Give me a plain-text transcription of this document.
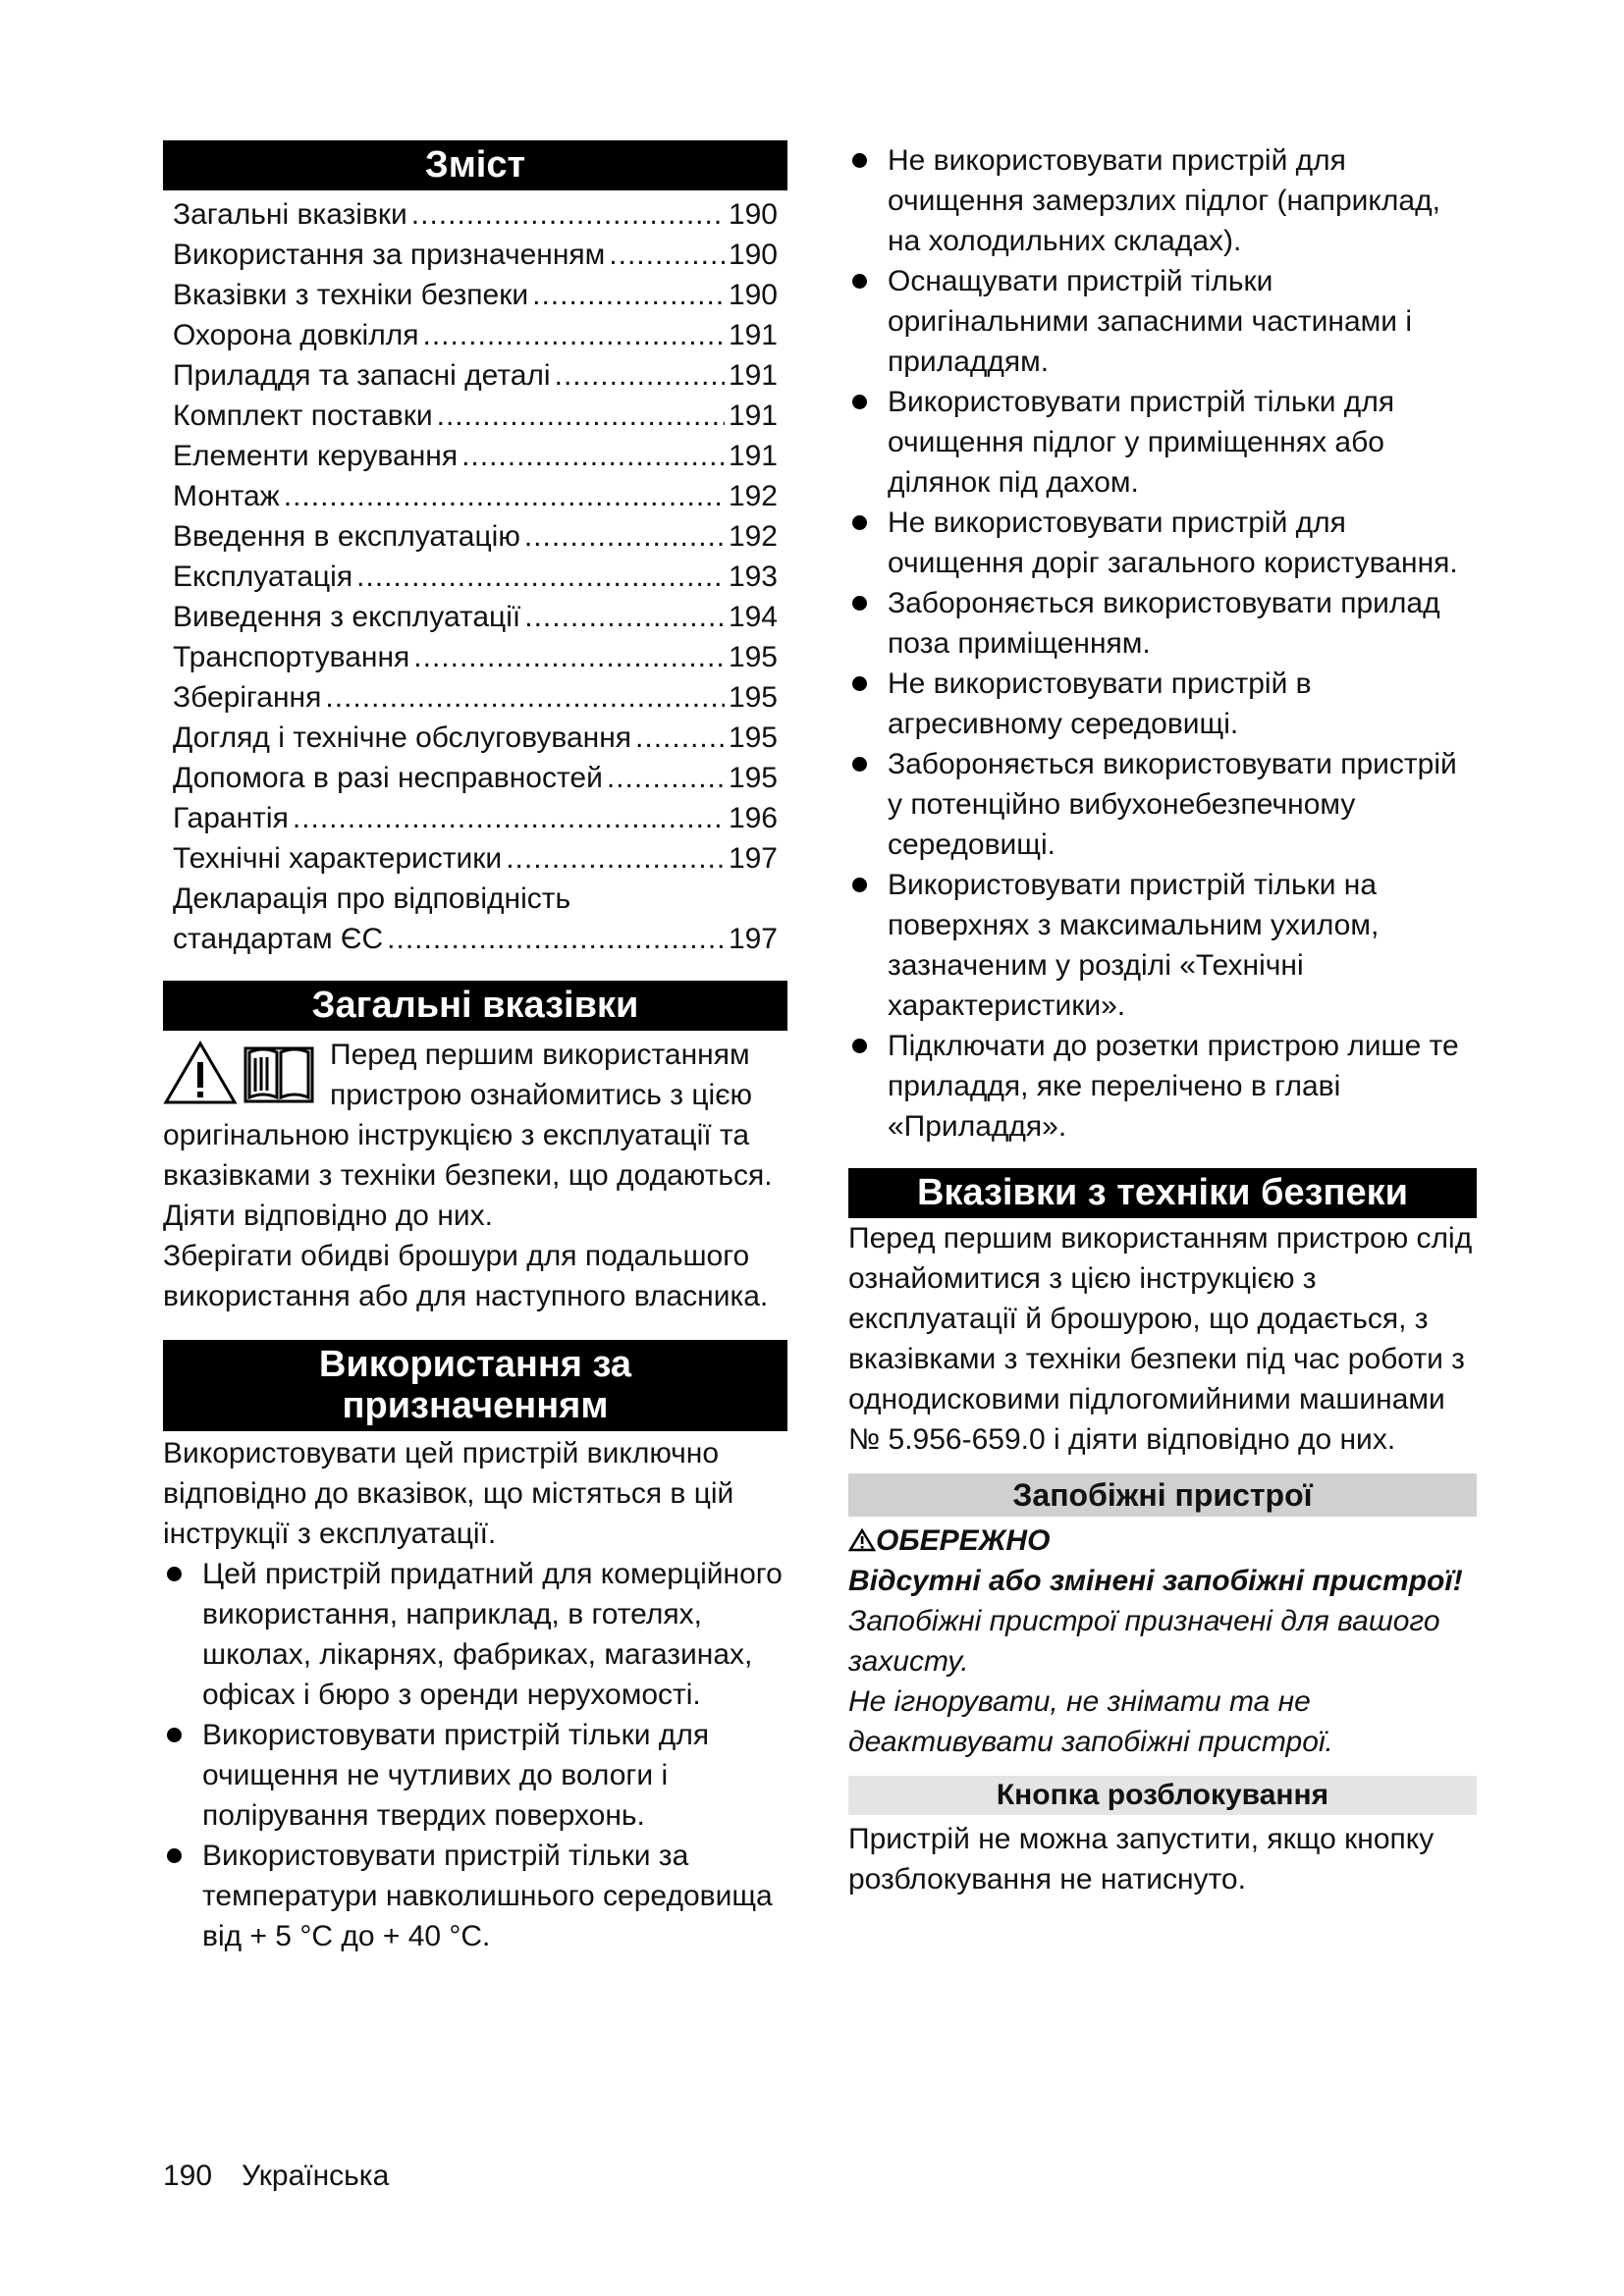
Зміст
Загальні вказівки .....	190
Використання за призначенням .....	190
Вказівки з техніки безпеки .....	190
Охорона довкілля .....	191
Приладдя та запасні деталі .....	191
Комплект поставки .....	191
Елементи керування .....	191
Монтаж .....	192
Введення в експлуатацію .....	192
Експлуатація .....	193
Виведення з експлуатації .....	194
Транспортування .....	195
Зберігання .....	195
Догляд і технічне обслуговування .....	195
Допомога в разі несправностей .....	195
Гарантія .....	196
Технічні характеристики .....	197
Декларація про відповідність
стандартам ЄС .....	197
Загальні вказівки
Перед першим використанням пристрою ознайомитись з цією оригінальною інструкцією з експлуатації та вказівками з техніки безпеки, що додаються. Діяти відповідно до них.
Зберігати обидві брошури для подальшого використання або для наступного власника.
Використання за
призначенням
Використовувати цей пристрій виключно відповідно до вказівок, що містяться в цій інструкції з експлуатації.
Цей пристрій придатний для комерційного використання, наприклад, в готелях, школах, лікарнях, фабриках, магазинах, офісах і бюро з оренди нерухомості.
Використовувати пристрій тільки для очищення не чутливих до вологи і полірування твердих поверхонь.
Використовувати пристрій тільки за температури навколишнього середовища від + 5 °C до + 40 °C.
Не використовувати пристрій для очищення замерзлих підлог (наприклад, на холодильних складах).
Оснащувати пристрій тільки оригінальними запасними частинами і приладдям.
Використовувати пристрій тільки для очищення підлог у приміщеннях або ділянок під дахом.
Не використовувати пристрій для очищення доріг загального користування.
Забороняється використовувати прилад поза приміщенням.
Не використовувати пристрій в агресивному середовищі.
Забороняється використовувати пристрій у потенційно вибухонебезпечному середовищі.
Використовувати пристрій тільки на поверхнях з максимальним ухилом, зазначеним у розділі «Технічні характеристики».
Підключати до розетки пристрою лише те приладдя, яке перелічено в главі «Приладдя».
Вказівки з техніки безпеки
Перед першим використанням пристрою слід ознайомитися з цією інструкцією з експлуатації й брошурою, що додається, з вказівками з техніки безпеки під час роботи з однодисковими підлогомийними машинами № 5.956-659.0 і діяти відповідно до них.
Запобіжні пристрої
ОБЕРЕЖНО
Відсутні або змінені запобіжні пристрої!
Запобіжні пристрої призначені для вашого захисту.
Не ігнорувати, не знімати та не деактивувати запобіжні пристрої.
Кнопка розблокування
Пристрій не можна запустити, якщо кнопку розблокування не натиснуто.
190 Українська
